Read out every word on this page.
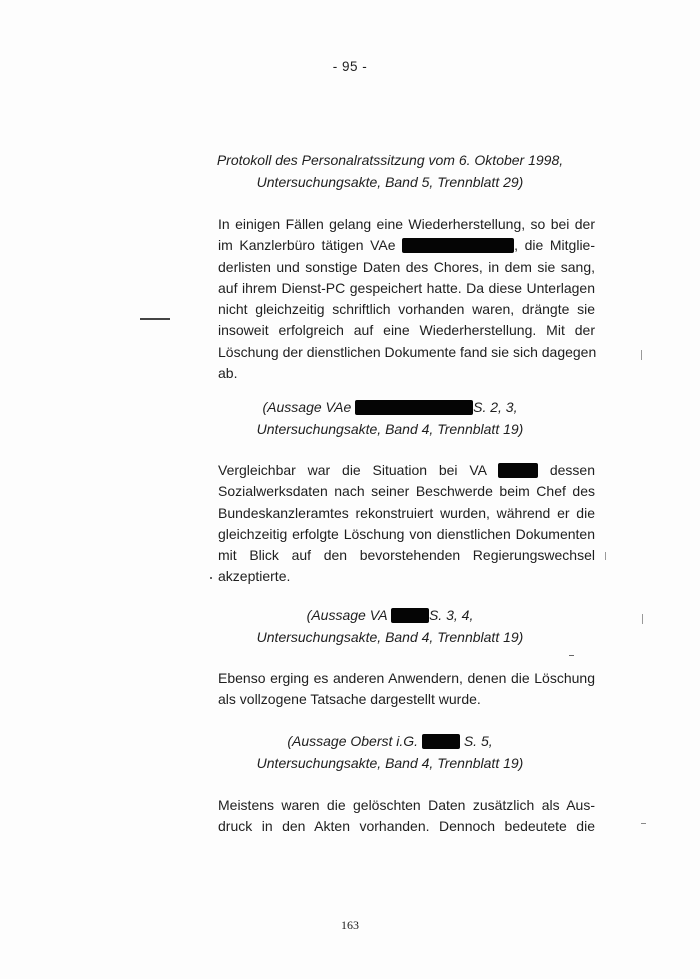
- 95 -
Protokoll des Personalratssitzung vom 6. Oktober 1998,
Untersuchungsakte, Band 5, Trennblatt 29)
In einigen Fällen gelang eine Wiederherstellung, so bei der
im Kanzlerbüro tätigen VAe	, die Mitglie-
derlisten und sonstige Daten des Chores, in dem sie sang,
auf ihrem Dienst-PC gespeichert hatte. Da diese Unterlagen
nicht gleichzeitig schriftlich vorhanden waren, drängte sie
insoweit erfolgreich auf eine Wiederherstellung. Mit der
Löschung der dienstlichen Dokumente fand sie sich dagegen
ab.
(Aussage VAe	S. 2, 3,
Untersuchungsakte, Band 4, Trennblatt 19)
Vergleichbar war die Situation bei VA	dessen
Sozialwerksdaten nach seiner Beschwerde beim Chef des
Bundeskanzleramtes rekonstruiert wurden, während er die
gleichzeitig erfolgte Löschung von dienstlichen Dokumenten
mit Blick auf den bevorstehenden Regierungswechsel
akzeptierte.
(Aussage VA	S. 3, 4,
Untersuchungsakte, Band 4, Trennblatt 19)
Ebenso erging es anderen Anwendern, denen die Löschung
als vollzogene Tatsache dargestellt wurde.
(Aussage Oberst i.G.	S. 5,
Untersuchungsakte, Band 4, Trennblatt 19)
Meistens waren die gelöschten Daten zusätzlich als Aus-
druck in den Akten vorhanden. Dennoch bedeutete die
163
